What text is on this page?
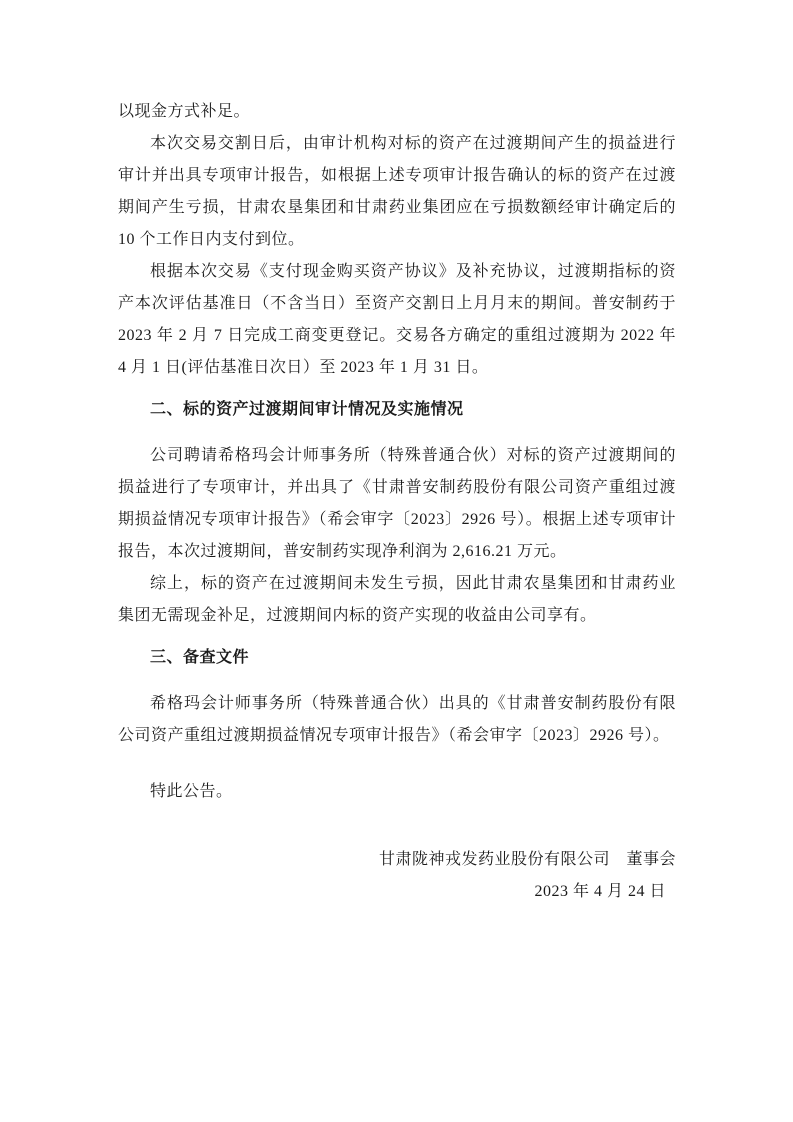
以现金方式补足。

本次交易交割日后，由审计机构对标的资产在过渡期间产生的损益进行审计并出具专项审计报告，如根据上述专项审计报告确认的标的资产在过渡期间产生亏损，甘肃农垦集团和甘肃药业集团应在亏损数额经审计确定后的 10 个工作日内支付到位。

根据本次交易《支付现金购买资产协议》及补充协议，过渡期指标的资产本次评估基准日（不含当日）至资产交割日上月月末的期间。普安制药于 2023 年 2 月 7 日完成工商变更登记。交易各方确定的重组过渡期为 2022 年 4 月 1 日(评估基准日次日）至 2023 年 1 月 31 日。

二、标的资产过渡期间审计情况及实施情况

公司聘请希格玛会计师事务所（特殊普通合伙）对标的资产过渡期间的损益进行了专项审计，并出具了《甘肃普安制药股份有限公司资产重组过渡期损益情况专项审计报告》（希会审字〔2023〕2926 号）。根据上述专项审计报告，本次过渡期间，普安制药实现净利润为 2,616.21 万元。

综上，标的资产在过渡期间未发生亏损，因此甘肃农垦集团和甘肃药业集团无需现金补足，过渡期间内标的资产实现的收益由公司享有。

三、备查文件

希格玛会计师事务所（特殊普通合伙）出具的《甘肃普安制药股份有限公司资产重组过渡期损益情况专项审计报告》（希会审字〔2023〕2926 号）。

特此公告。

甘肃陇神戎发药业股份有限公司　董事会

2023 年 4 月 24 日
